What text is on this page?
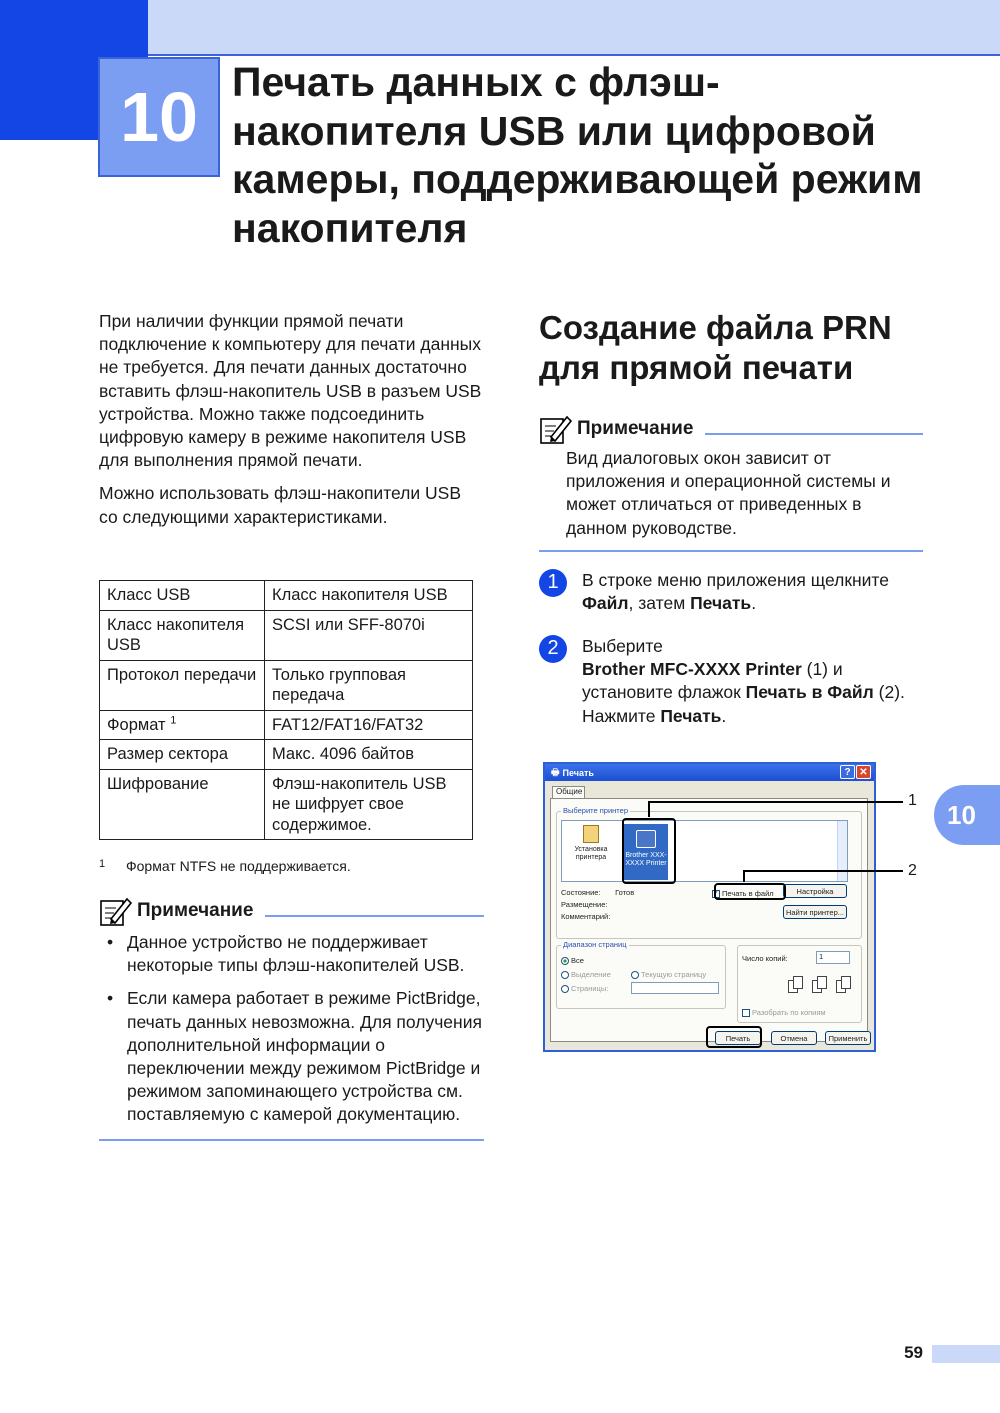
10 Печать данных с флэш-накопителя USB или цифровой камеры, поддерживающей режим накопителя

При наличии функции прямой печати подключение к компьютеру для печати данных не требуется. Для печати данных достаточно вставить флэш-накопитель USB в разъем USB устройства. Можно также подсоединить цифровую камеру в режиме накопителя USB для выполнения прямой печати.

Можно использовать флэш-накопители USB со следующими характеристиками.

Класс USB	Класс накопителя USB
Класс накопителя USB	SCSI или SFF-8070i
Протокол передачи	Только групповая передача
Формат $^1$	FAT12/FAT16/FAT32
Размер сектора	Макс. 4096 байтов
Шифрование	Флэш-накопитель USB не шифрует свое содержимое.
1 Формат NTFS не поддерживается.
Примечание
• Данное устройство не поддерживает некоторые типы флэш-накопителей USB.
• Если камера работает в режиме PictBridge, печать данных невозможна. Для получения дополнительной информации о переключении между режимом PictBridge и режимом запоминающего устройства см. поставляемую с камерой документацию.
Создание файла PRN для прямой печати
Примечание
Вид диалоговых окон зависит от приложения и операционной системы и может отличаться от приведенных в данном руководстве.
1	В строке меню приложения щелкните Файл, затем Печать.
2	Выберите
Brother MFC-XXXX Printer (1) и установите флажок Печать в Файл (2).
Нажмите Печать.
🖶 Печать	? ✕
Общие
Выберите принтер
Установка принтера	Brother XXX-XXXX Printer
Состояние: Готов
Размещение:
Комментарий:
✓ Печать в файл	Настройка
Найти принтер...
Диапазон страниц
Все
Выделение	Текущую страницу
Страницы:
Число копий:	1
Разобрать по копиям
Печать	Отмена	Применить
1
2
10
59
